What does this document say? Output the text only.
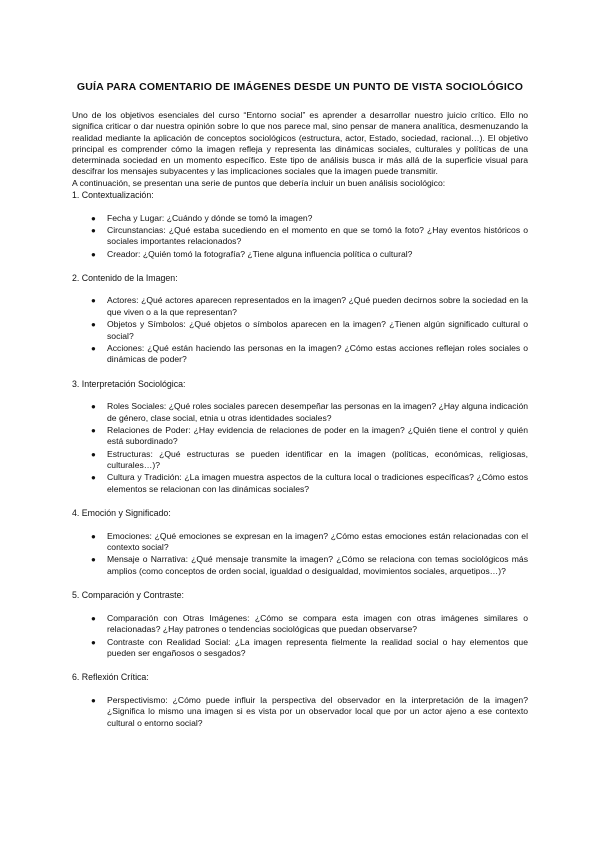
GUÍA PARA COMENTARIO DE IMÁGENES DESDE UN PUNTO DE VISTA SOCIOLÓGICO

Uno de los objetivos esenciales del curso “Entorno social” es aprender a desarrollar nuestro juicio crítico. Ello no significa criticar o dar nuestra opinión sobre lo que nos parece mal, sino pensar de manera analítica, desmenuzando la realidad mediante la aplicación de conceptos sociológicos (estructura, actor, Estado, sociedad, racional…). El objetivo principal es comprender cómo la imagen refleja y representa las dinámicas sociales, culturales y políticas de una determinada sociedad en un momento específico. Este tipo de análisis busca ir más allá de la superficie visual para descifrar los mensajes subyacentes y las implicaciones sociales que la imagen puede transmitir.

A continuación, se presentan una serie de puntos que debería incluir un buen análisis sociológico:

1. Contextualización:

● Fecha y Lugar: ¿Cuándo y dónde se tomó la imagen?
● Circunstancias: ¿Qué estaba sucediendo en el momento en que se tomó la foto? ¿Hay eventos históricos o sociales importantes relacionados?
● Creador: ¿Quién tomó la fotografía? ¿Tiene alguna influencia política o cultural?

2. Contenido de la Imagen:

● Actores: ¿Qué actores aparecen representados en la imagen? ¿Qué pueden decirnos sobre la sociedad en la que viven o a la que representan?
● Objetos y Símbolos: ¿Qué objetos o símbolos aparecen en la imagen? ¿Tienen algún significado cultural o social?
● Acciones: ¿Qué están haciendo las personas en la imagen? ¿Cómo estas acciones reflejan roles sociales o dinámicas de poder?

3. Interpretación Sociológica:

● Roles Sociales: ¿Qué roles sociales parecen desempeñar las personas en la imagen? ¿Hay alguna indicación de género, clase social, etnia u otras identidades sociales?
● Relaciones de Poder: ¿Hay evidencia de relaciones de poder en la imagen? ¿Quién tiene el control y quién está subordinado?
● Estructuras: ¿Qué estructuras se pueden identificar en la imagen (políticas, económicas, religiosas, culturales…)?
● Cultura y Tradición: ¿La imagen muestra aspectos de la cultura local o tradiciones específicas? ¿Cómo estos elementos se relacionan con las dinámicas sociales?

4. Emoción y Significado:

● Emociones: ¿Qué emociones se expresan en la imagen? ¿Cómo estas emociones están relacionadas con el contexto social?
● Mensaje o Narrativa: ¿Qué mensaje transmite la imagen? ¿Cómo se relaciona con temas sociológicos más amplios (como conceptos de orden social, igualdad o desigualdad, movimientos sociales, arquetipos…)?

5. Comparación y Contraste:

● Comparación con Otras Imágenes: ¿Cómo se compara esta imagen con otras imágenes similares o relacionadas? ¿Hay patrones o tendencias sociológicas que puedan observarse?
● Contraste con Realidad Social: ¿La imagen representa fielmente la realidad social o hay elementos que pueden ser engañosos o sesgados?

6. Reflexión Crítica:

● Perspectivismo: ¿Cómo puede influir la perspectiva del observador en la interpretación de la imagen? ¿Significa lo mismo una imagen si es vista por un observador local que por un actor ajeno a ese contexto cultural o entorno social?
